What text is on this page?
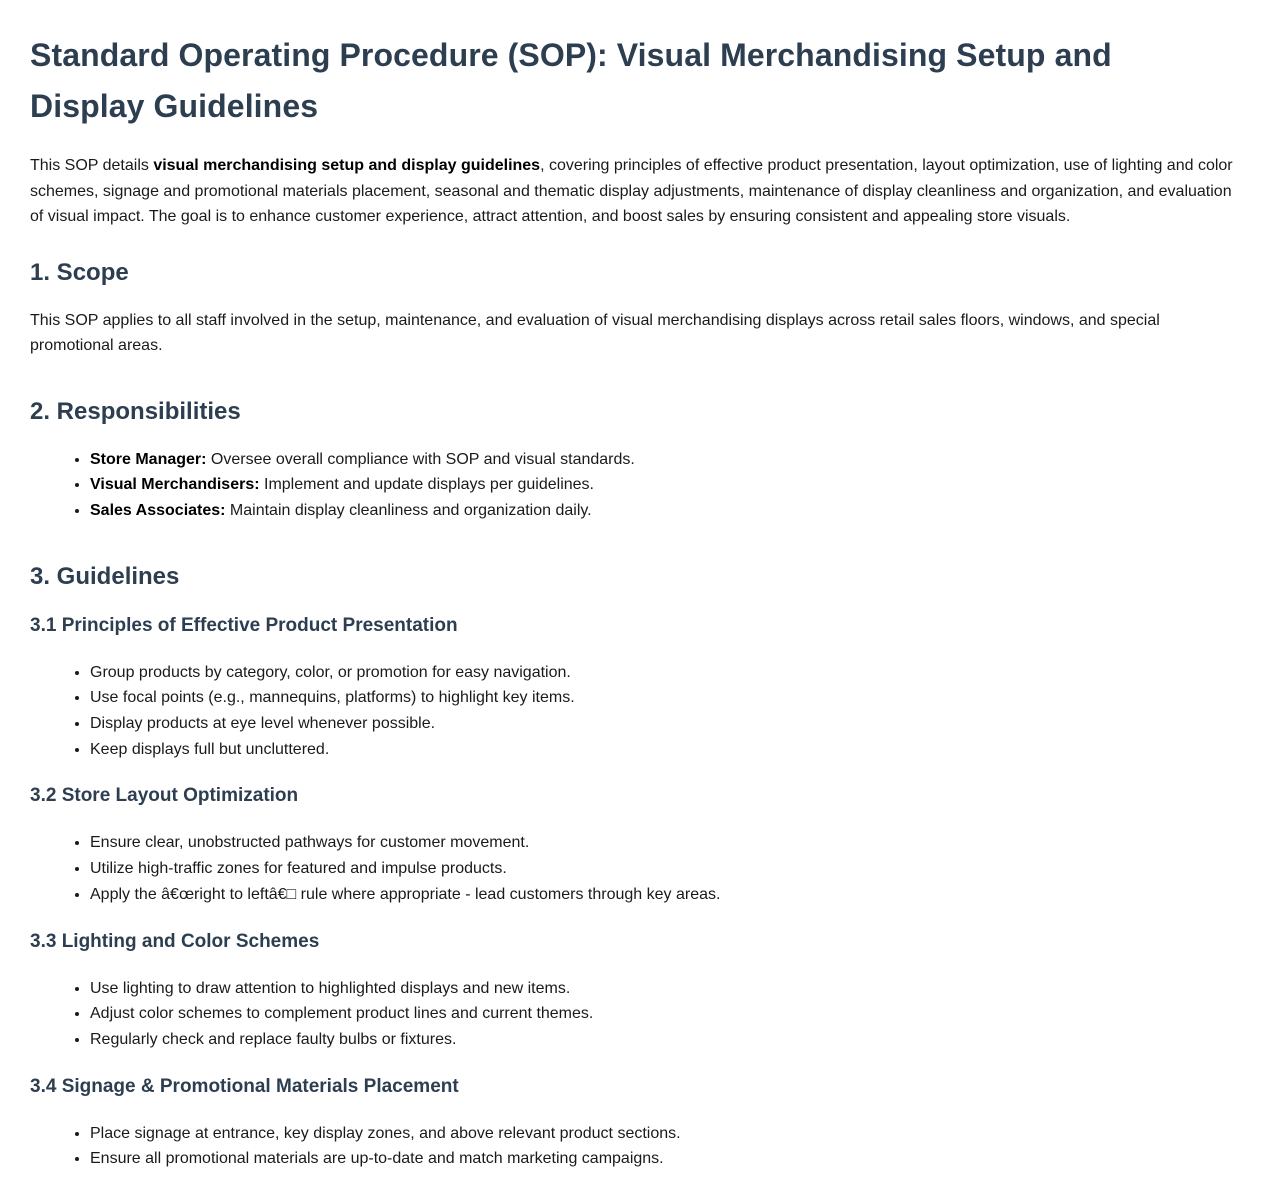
Standard Operating Procedure (SOP): Visual Merchandising Setup and Display Guidelines

This SOP details visual merchandising setup and display guidelines, covering principles of effective product presentation, layout optimization, use of lighting and color schemes, signage and promotional materials placement, seasonal and thematic display adjustments, maintenance of display cleanliness and organization, and evaluation of visual impact. The goal is to enhance customer experience, attract attention, and boost sales by ensuring consistent and appealing store visuals.

1. Scope

This SOP applies to all staff involved in the setup, maintenance, and evaluation of visual merchandising displays across retail sales floors, windows, and special promotional areas.

2. Responsibilities
• Store Manager: Oversee overall compliance with SOP and visual standards.
• Visual Merchandisers: Implement and update displays per guidelines.
• Sales Associates: Maintain display cleanliness and organization daily.
3. Guidelines
3.1 Principles of Effective Product Presentation
• Group products by category, color, or promotion for easy navigation.
• Use focal points (e.g., mannequins, platforms) to highlight key items.
• Display products at eye level whenever possible.
• Keep displays full but uncluttered.
3.2 Store Layout Optimization
• Ensure clear, unobstructed pathways for customer movement.
• Utilize high-traffic zones for featured and impulse products.
• Apply the â€œright to leftâ€□ rule where appropriate - lead customers through key areas.
3.3 Lighting and Color Schemes
• Use lighting to draw attention to highlighted displays and new items.
• Adjust color schemes to complement product lines and current themes.
• Regularly check and replace faulty bulbs or fixtures.
3.4 Signage & Promotional Materials Placement
• Place signage at entrance, key display zones, and above relevant product sections.
• Ensure all promotional materials are up-to-date and match marketing campaigns.
